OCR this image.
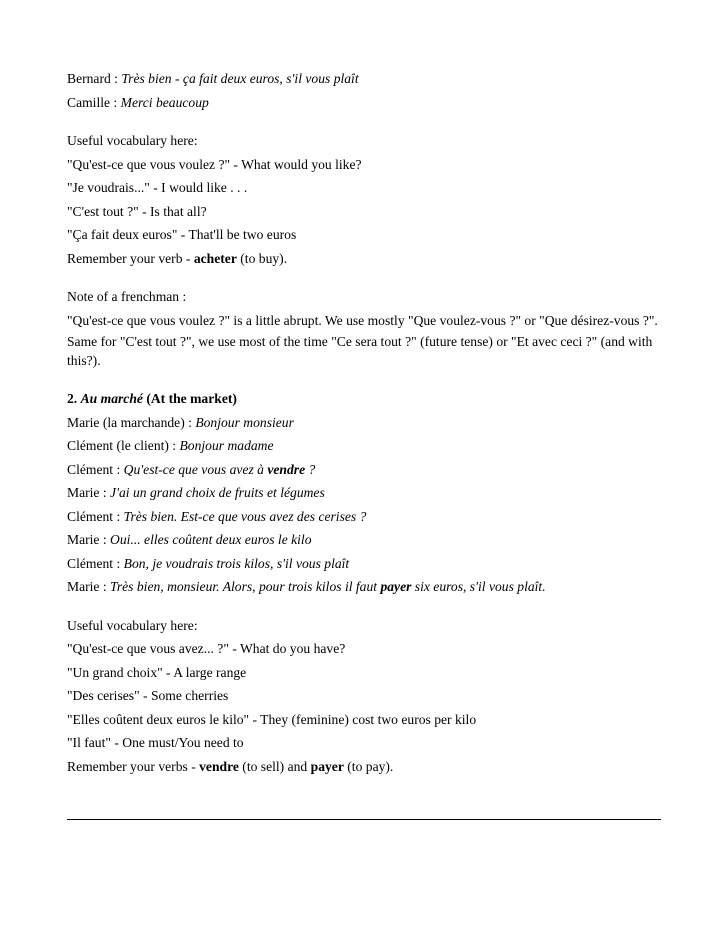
Bernard : Très bien - ça fait deux euros, s'il vous plaît
Camille : Merci beaucoup
Useful vocabulary here:
"Qu'est-ce que vous voulez ?" - What would you like?
"Je voudrais..." - I would like . . .
"C'est tout ?" - Is that all?
"Ça fait deux euros" - That'll be two euros
Remember your verb - acheter (to buy).
Note of a frenchman :
"Qu'est-ce que vous voulez ?" is a little abrupt. We use mostly "Que voulez-vous ?" or "Que désirez-vous ?".
Same for "C'est tout ?", we use most of the time "Ce sera tout ?" (future tense) or "Et avec ceci ?" (and with this?).
2. Au marché (At the market)
Marie (la marchande) : Bonjour monsieur
Clément (le client) : Bonjour madame
Clément : Qu'est-ce que vous avez à vendre ?
Marie : J'ai un grand choix de fruits et légumes
Clément : Très bien. Est-ce que vous avez des cerises ?
Marie : Oui... elles coûtent deux euros le kilo
Clément : Bon, je voudrais trois kilos, s'il vous plaît
Marie : Très bien, monsieur. Alors, pour trois kilos il faut payer six euros, s'il vous plaît.
Useful vocabulary here:
"Qu'est-ce que vous avez... ?" - What do you have?
"Un grand choix" - A large range
"Des cerises" - Some cherries
"Elles coûtent deux euros le kilo" - They (feminine) cost two euros per kilo
"Il faut" - One must/You need to
Remember your verbs - vendre (to sell) and payer (to pay).
